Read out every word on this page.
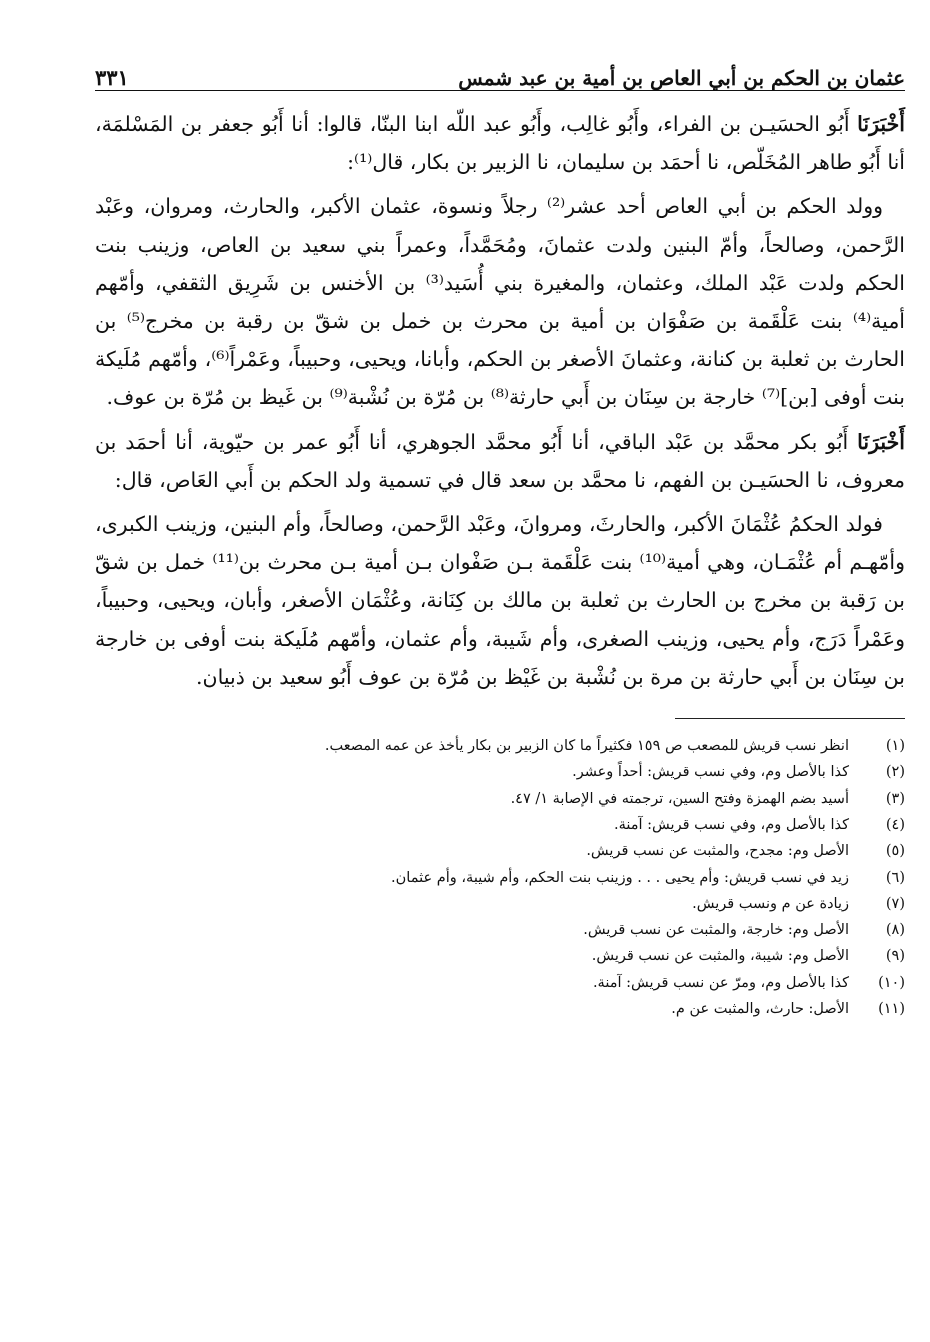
عثمان بن الحكم بن أبي العاص بن أمية بن عبد شمس
٣٣١

أَخْبَرَنَا أَبُو الحسَيـن بن الفراء، وأَبُو غالِب، وأَبُو عبد اللّه ابنا البنّا، قالوا: أنا أَبُو جعفر بن المَسْلمَة، أنا أَبُو طاهر المُخَلّص، نا أحمَد بن سليمان، نا الزبير بن بكار، قال⁽¹⁾:

وولد الحكم بن أبي العاص أحد عشر⁽²⁾ رجلاً ونسوة، عثمان الأكبر، والحارث، ومروان، وعَبْد الرَّحمن، وصالحاً، وأمّ البنين ولدت عثمانَ، ومُحَمَّداً، وعمراً بني سعيد بن العاص، وزينب بنت الحكم ولدت عَبْد الملك، وعثمان، والمغيرة بني أُسَيد⁽³⁾ بن الأخنس بن شَرِيق الثقفي، وأمّهم أمية⁽⁴⁾ بنت عَلْقَمة بن صَفْوَان بن أمية بن محرث بن خمل بن شقّ بن رقبة بن مخرج⁽⁵⁾ بن الحارث بن ثعلبة بن كنانة، وعثمانَ الأصغر بن الحكم، وأبانا، ويحيى، وحبيباً، وعَمْراً⁽⁶⁾، وأمّهم مُلَيكة بنت أوفى [بن]⁽⁷⁾ خارجة بن سِنَان بن أَبي حارثة⁽⁸⁾ بن مُرّة بن نُشْبة⁽⁹⁾ بن غَيظ بن مُرّة بن عوف.

أَخْبَرَنَا أَبُو بكر محمَّد بن عَبْد الباقي، أنا أَبُو محمَّد الجوهري، أنا أَبُو عمر بن حيّوية، أنا أحمَد بن معروف، نا الحسَيـن بن الفهم، نا محمَّد بن سعد قال في تسمية ولد الحكم بن أَبي العَاص، قال:

فولد الحكمُ عُثْمَانَ الأكبر، والحارثَ، ومروانَ، وعَبْد الرَّحمن، وصالحاً، وأم البنين، وزينب الكبرى، وأمّهـم أم عُثْمَـان، وهي أمية⁽¹⁰⁾ بنت عَلْقَمة بـن صَفْوان بـن أمية بـن محرث بن⁽¹¹⁾ خمل بن شقّ بن رَقبة بن مخرج بن الحارث بن ثعلبة بن مالك بن كِنَانة، وعُثْمَان الأصغر، وأبان، ويحيى، وحبيباً، وعَمْراً دَرَج، وأم يحيى، وزينب الصغرى، وأم شَيبة، وأم عثمان، وأمّهم مُلَيكة بنت أوفى بن خارجة بن سِنَان بن أَبي حارثة بن مرة بن نُشْبة بن غَيْظ بن مُرّة بن عوف أَبُو سعيد بن ذبيان.

(١)
انظر نسب قريش للمصعب ص ١٥٩ فكثيراً ما كان الزبير بن بكار يأخذ عن عمه المصعب.
(٢)
كذا بالأصل وم، وفي نسب قريش: أحداً وعشر.
(٣)
أسيد بضم الهمزة وفتح السين، ترجمته في الإصابة ١/ ٤٧.
(٤)
كذا بالأصل وم، وفي نسب قريش: آمنة.
(٥)
الأصل وم: مجدح، والمثبت عن نسب قريش.
(٦)
زيد في نسب قريش: وأم يحيى . . . وزينب بنت الحكم، وأم شيبة، وأم عثمان.
(٧)
زيادة عن م ونسب قريش.
(٨)
الأصل وم: خارجة، والمثبت عن نسب قريش.
(٩)
الأصل وم: شيبة، والمثبت عن نسب قريش.
(١٠)
كذا بالأصل وم، ومرّ عن نسب قريش: آمنة.
(١١)
الأصل: حارث، والمثبت عن م.
